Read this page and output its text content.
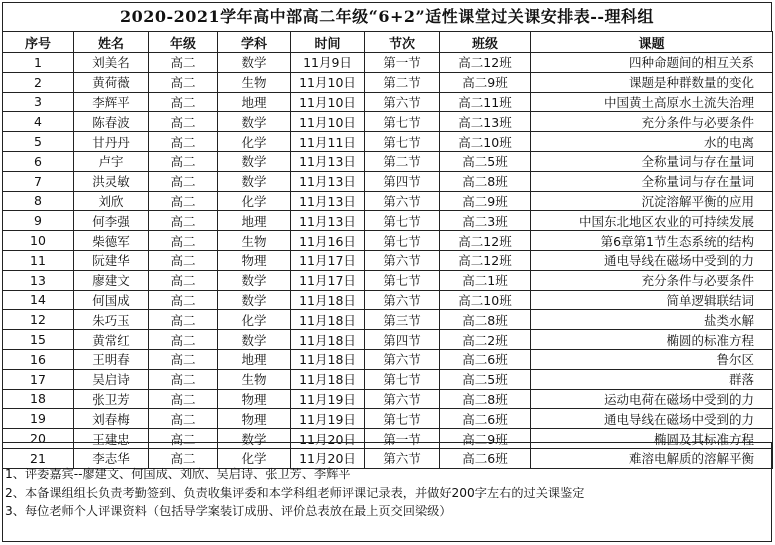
2020-2021学年高中部高二年级“6+2”适性课堂过关课安排表--理科组
序号	姓名	年级	学科	时间	节次	班级	课题
1	刘美名	高二	数学	11月9日	第一节	高二12班	四种命题间的相互关系
2	黄荷薇	高二	生物	11月10日	第二节	高二9班	课题是种群数量的变化
3	李辉平	高二	地理	11月10日	第六节	高二11班	中国黄土高原水土流失治理
4	陈春波	高二	数学	11月10日	第七节	高二13班	充分条件与必要条件
5	甘丹丹	高二	化学	11月11日	第七节	高二10班	水的电离
6	卢宇	高二	数学	11月13日	第二节	高二5班	全称量词与存在量词
7	洪灵敏	高二	数学	11月13日	第四节	高二8班	全称量词与存在量词
8	刘欣	高二	化学	11月13日	第六节	高二9班	沉淀溶解平衡的应用
9	何李强	高二	地理	11月13日	第七节	高二3班	中国东北地区农业的可持续发展
10	柴德军	高二	生物	11月16日	第七节	高二12班	第6章第1节生态系统的结构
11	阮建华	高二	物理	11月17日	第六节	高二12班	通电导线在磁场中受到的力
13	廖建文	高二	数学	11月17日	第七节	高二1班	充分条件与必要条件
14	何国成	高二	数学	11月18日	第六节	高二10班	简单逻辑联结词
12	朱巧玉	高二	化学	11月18日	第三节	高二8班	盐类水解
15	黄常红	高二	数学	11月18日	第四节	高二2班	椭圆的标准方程
16	王明春	高二	地理	11月18日	第六节	高二6班	鲁尔区
17	吴启诗	高二	生物	11月18日	第七节	高二5班	群落
18	张卫芳	高二	物理	11月19日	第六节	高二8班	运动电荷在磁场中受到的力
19	刘春梅	高二	物理	11月19日	第七节	高二6班	通电导线在磁场中受到的力
20	王建忠	高二	数学	11月20日	第一节	高二9班	椭圆及其标准方程
21	李志华	高二	化学	11月20日	第六节	高二6班	难溶电解质的溶解平衡
1、评委嘉宾--廖建文、何国成、刘欣、吴启诗、张卫芳、李辉平
2、本备课组组长负责考勤签到、负责收集评委和本学科组老师评课记录表，并做好200字左右的过关课鉴定
3、每位老师个人评课资料（包括导学案装订成册、评价总表放在最上页交回梁级）
